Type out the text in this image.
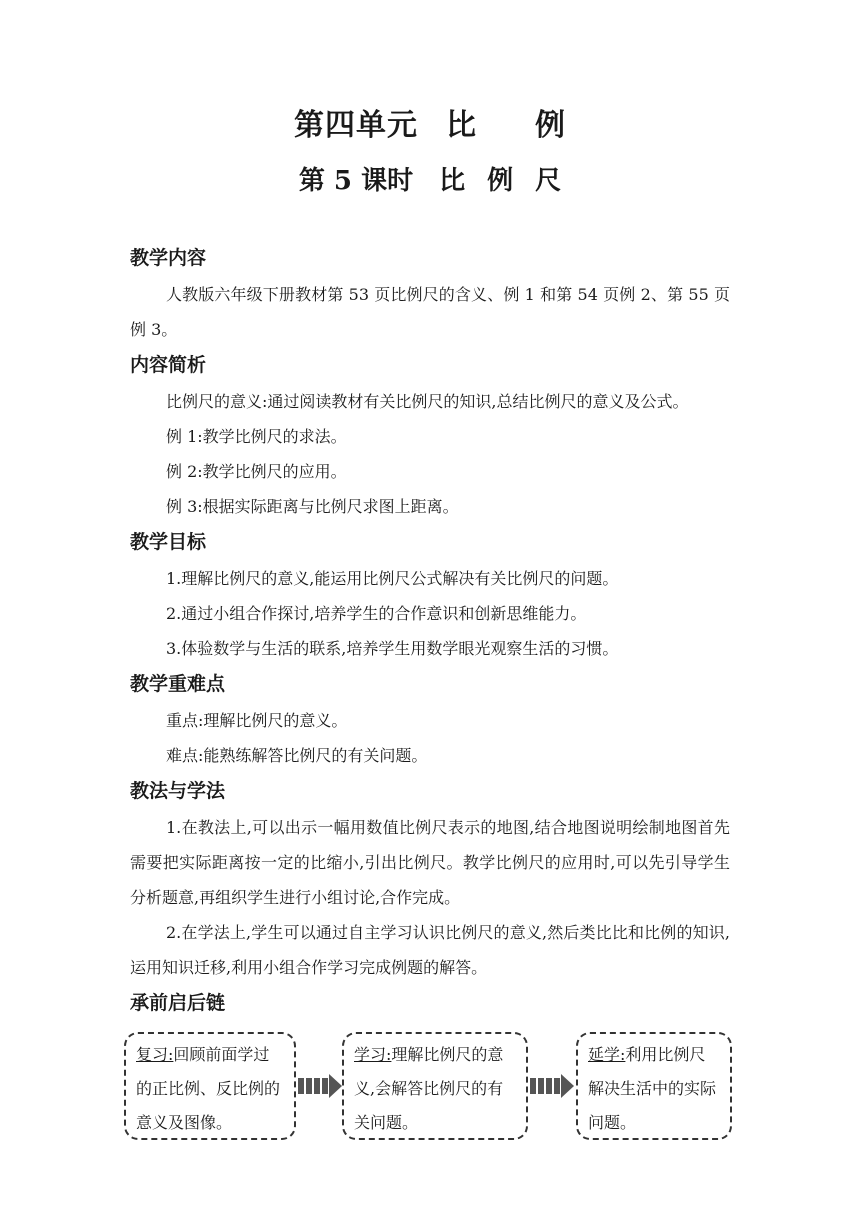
第四单元 比 例
第 5 课时 比 例 尺
教学内容

人教版六年级下册教材第 53 页比例尺的含义、例 1 和第 54 页例 2、第 55 页例 3。

内容简析

比例尺的意义:通过阅读教材有关比例尺的知识,总结比例尺的意义及公式。

例 1:教学比例尺的求法。

例 2:教学比例尺的应用。

例 3:根据实际距离与比例尺求图上距离。

教学目标

1.理解比例尺的意义,能运用比例尺公式解决有关比例尺的问题。

2.通过小组合作探讨,培养学生的合作意识和创新思维能力。

3.体验数学与生活的联系,培养学生用数学眼光观察生活的习惯。

教学重难点

重点:理解比例尺的意义。

难点:能熟练解答比例尺的有关问题。

教法与学法

1.在教法上,可以出示一幅用数值比例尺表示的地图,结合地图说明绘制地图首先需要把实际距离按一定的比缩小,引出比例尺。教学比例尺的应用时,可以先引导学生分析题意,再组织学生进行小组讨论,合作完成。

2.在学法上,学生可以通过自主学习认识比例尺的意义,然后类比比和比例的知识,运用知识迁移,利用小组合作学习完成例题的解答。

承前启后链
复习:回顾前面学过的正比例、反比例的意义及图像。
学习:理解比例尺的意义,会解答比例尺的有关问题。
延学:利用比例尺解决生活中的实际问题。
